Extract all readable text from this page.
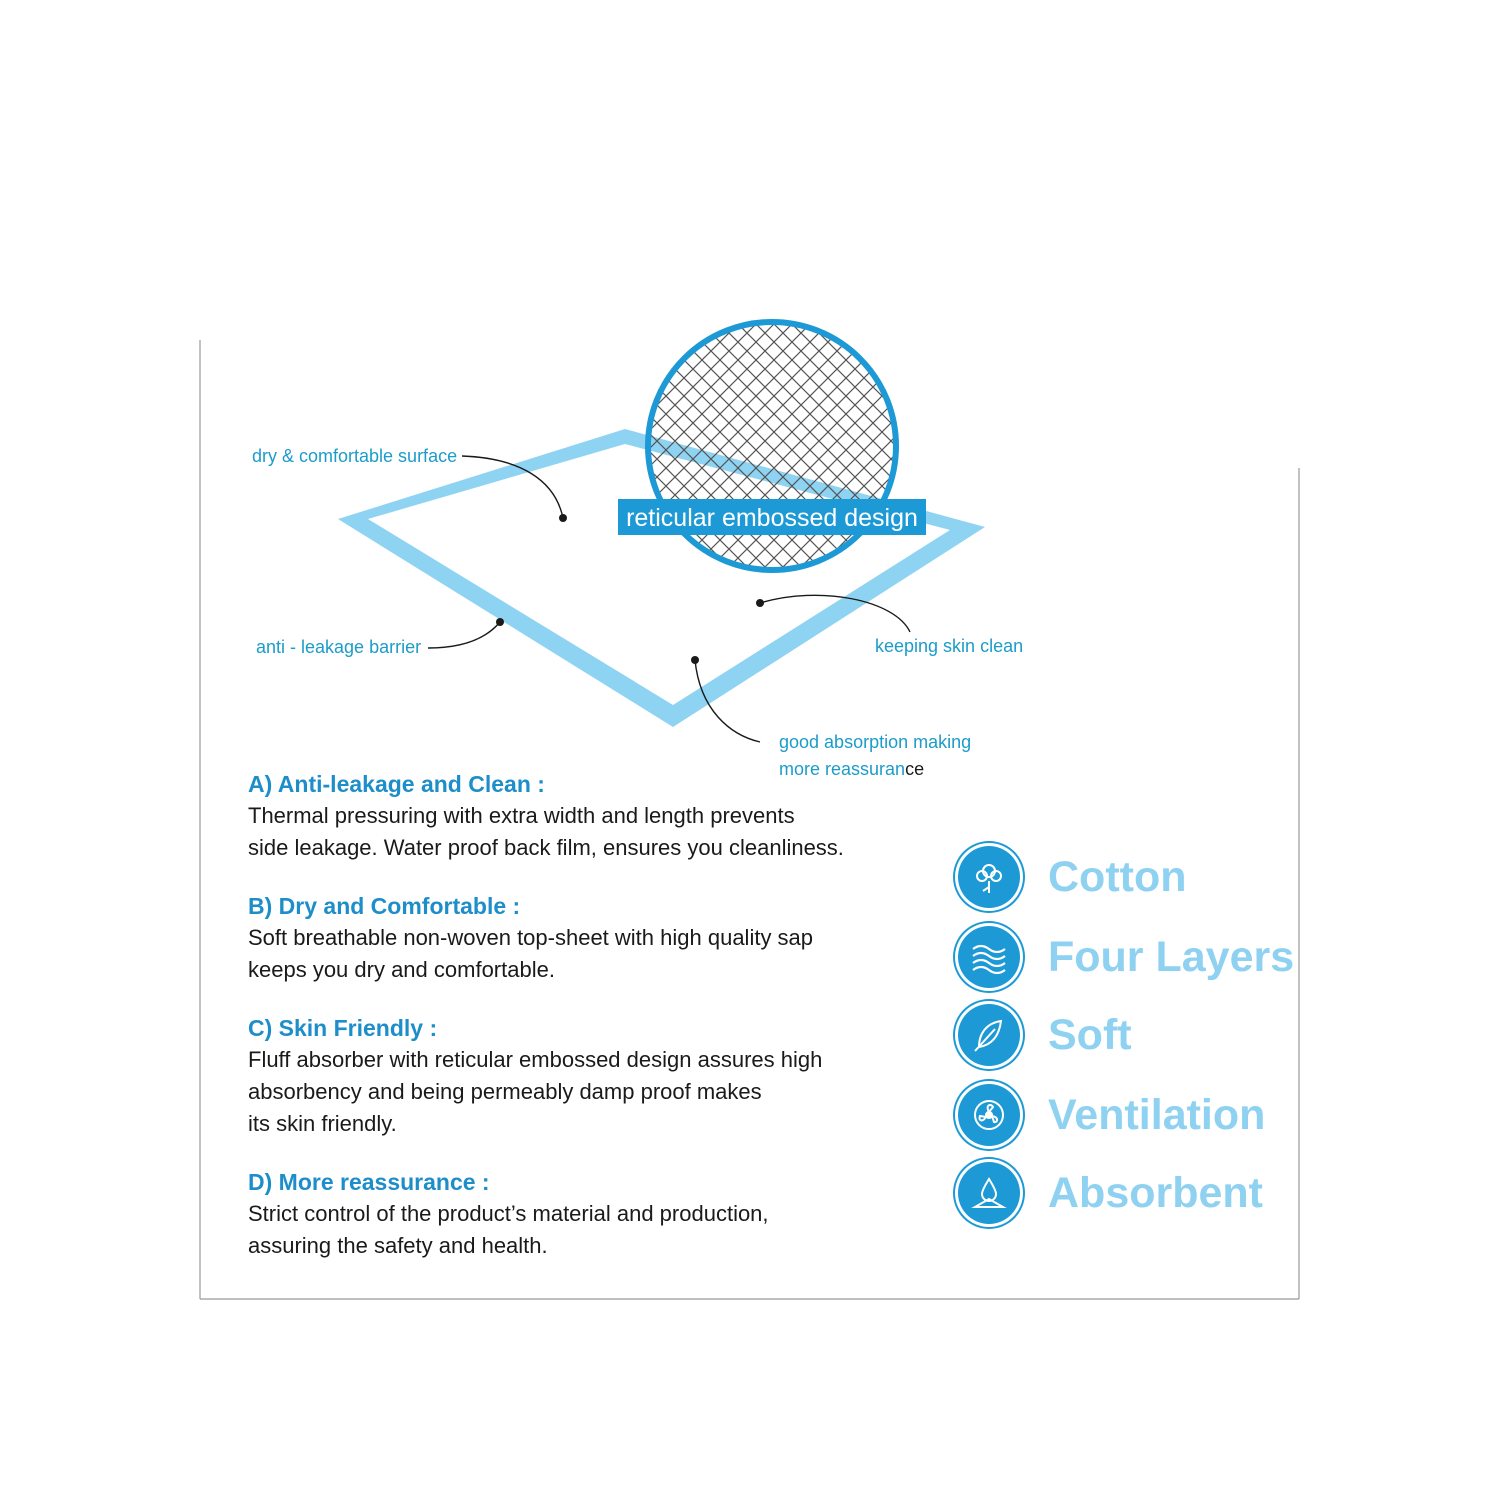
reticular embossed design
dry & comfortable surface
anti - leakage barrier	keeping skin clean
good absorption making
more reassurance
A) Anti-leakage and Clean :
Thermal pressuring with extra width and length prevents
side leakage. Water proof back film, ensures you cleanliness.
B) Dry and Comfortable :
Soft breathable non-woven top-sheet with high quality sap
keeps you dry and comfortable.
C) Skin Friendly :
Fluff absorber with reticular embossed design assures high
absorbency and being permeably damp proof makes
its skin friendly.
D) More reassurance :
Strict control of the product’s material and production,
assuring the safety and health.
Cotton
Four Layers
Soft
Ventilation
Absorbent
